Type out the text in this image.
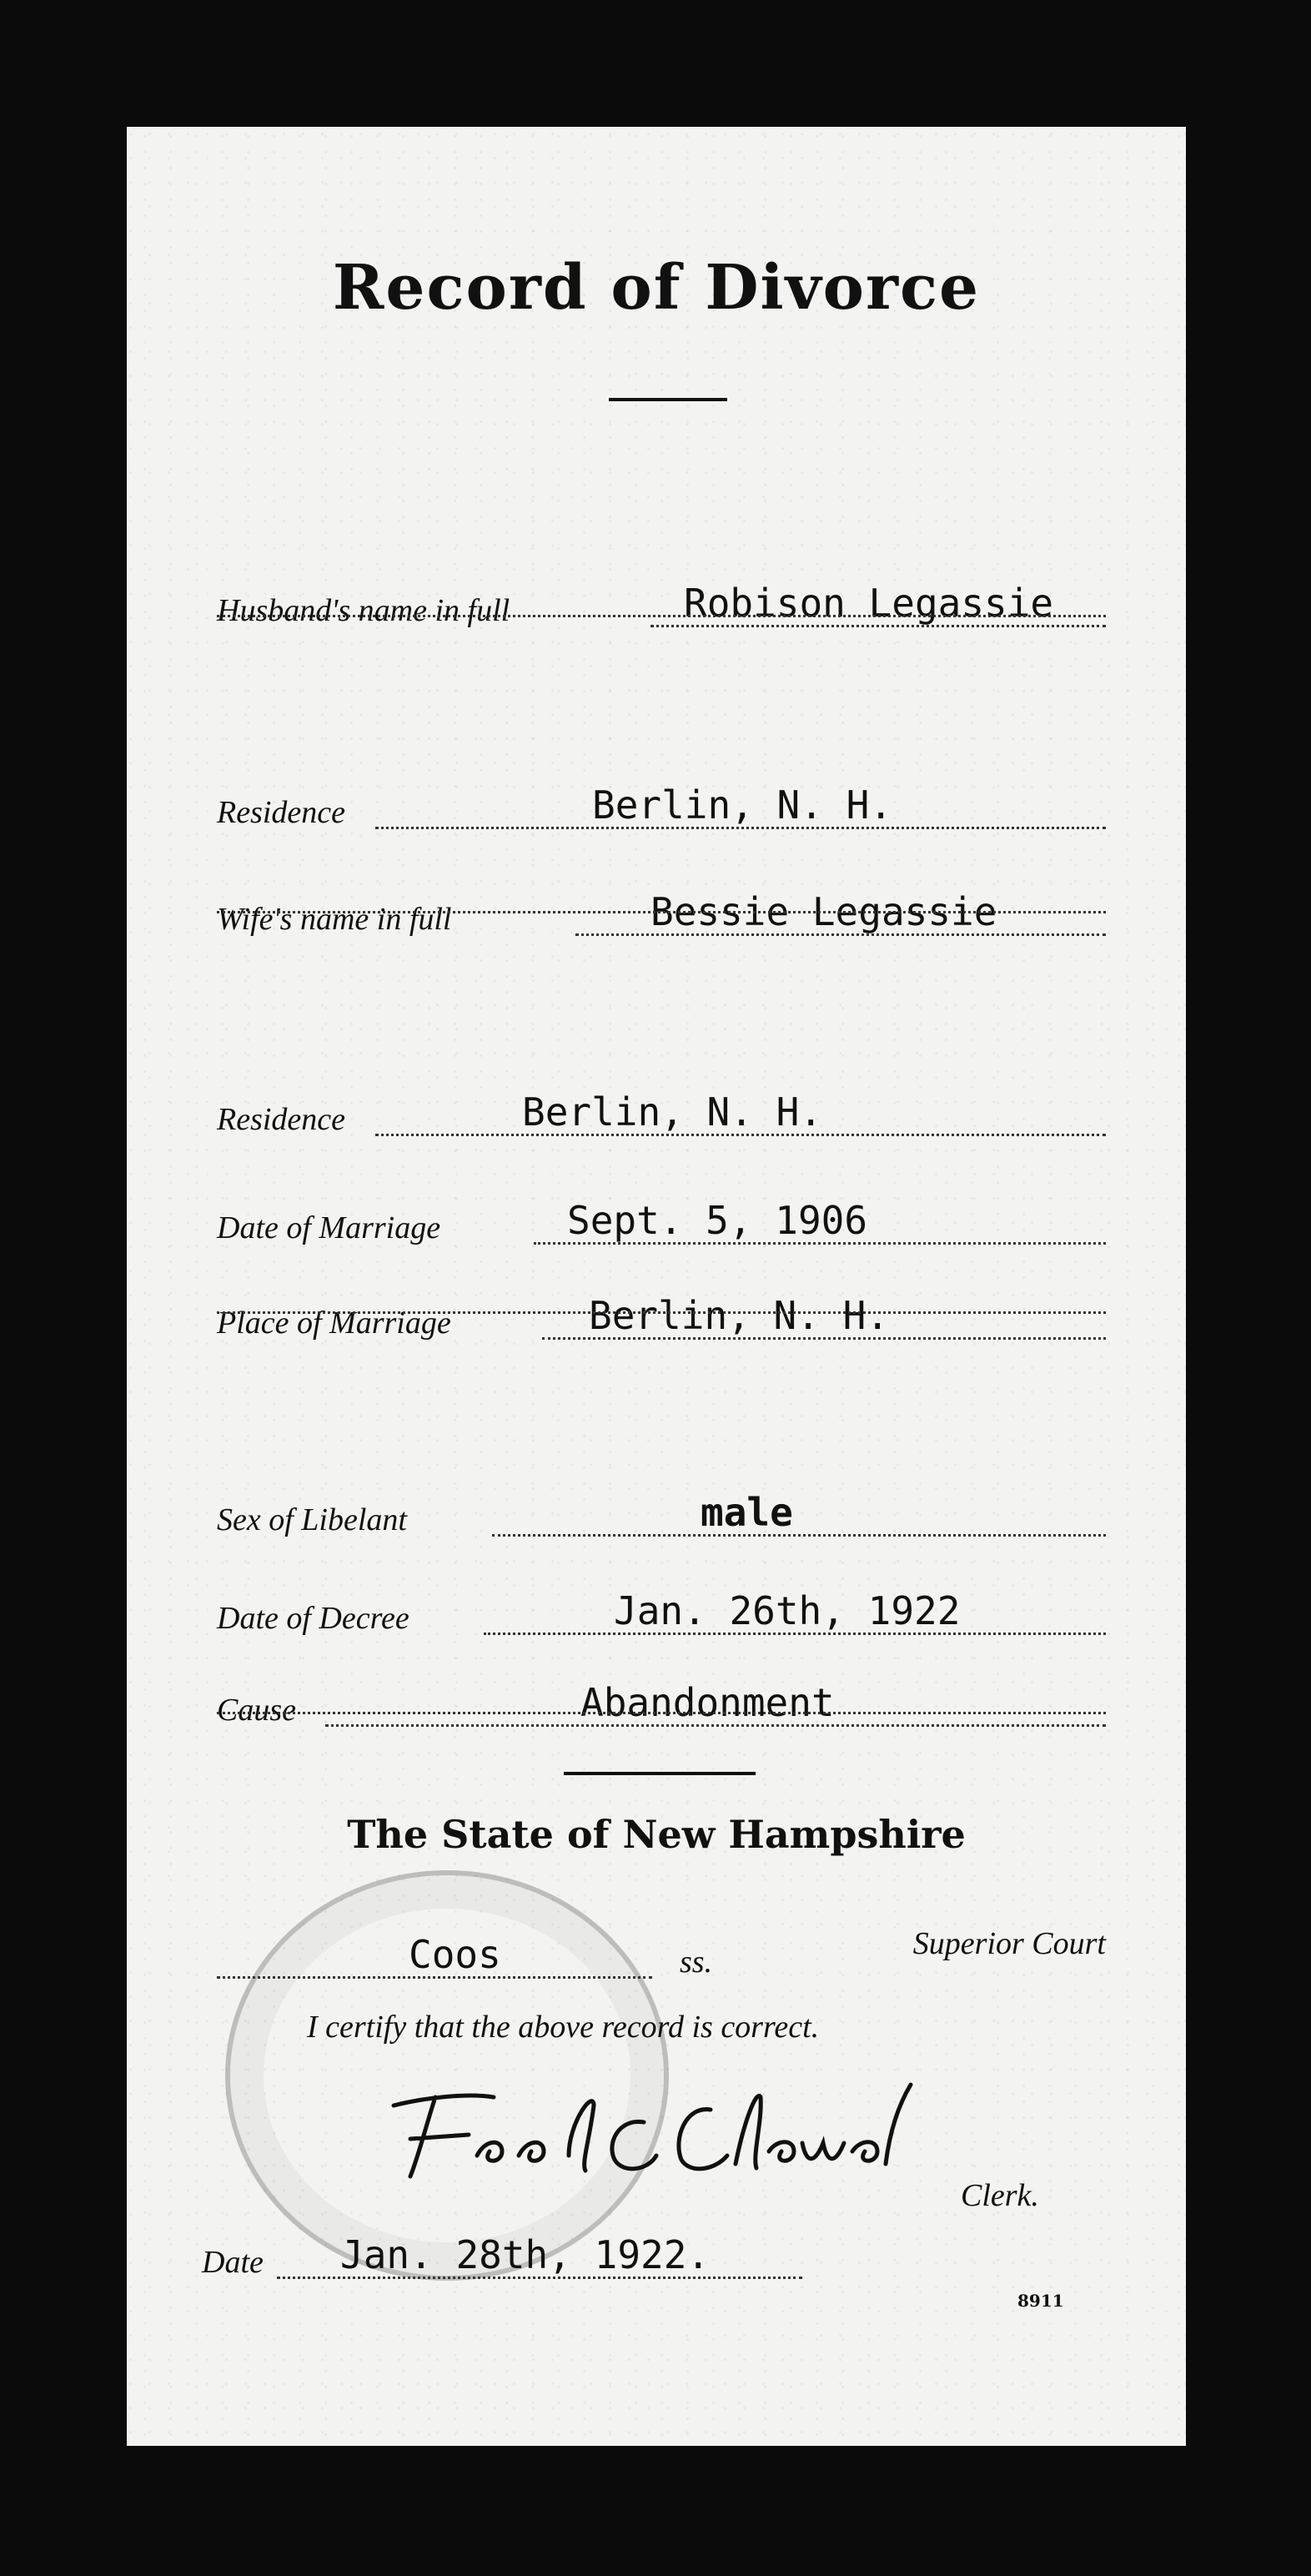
Record of Divorce
Husband's name in full	Robison Legassie
Residence	Berlin, N. H.
Wife's name in full	Bessie Legassie
Residence	Berlin, N. H.
Date of Marriage	Sept. 5, 1906
Place of Marriage	Berlin, N. H.
Sex of Libelant	male
Date of Decree	Jan. 26th, 1922
Cause	Abandonment
The State of New Hampshire
Coos	ss.
Superior Court
I certify that the above record is correct.
Clerk.
Date Jan. 28th, 1922.
8911
